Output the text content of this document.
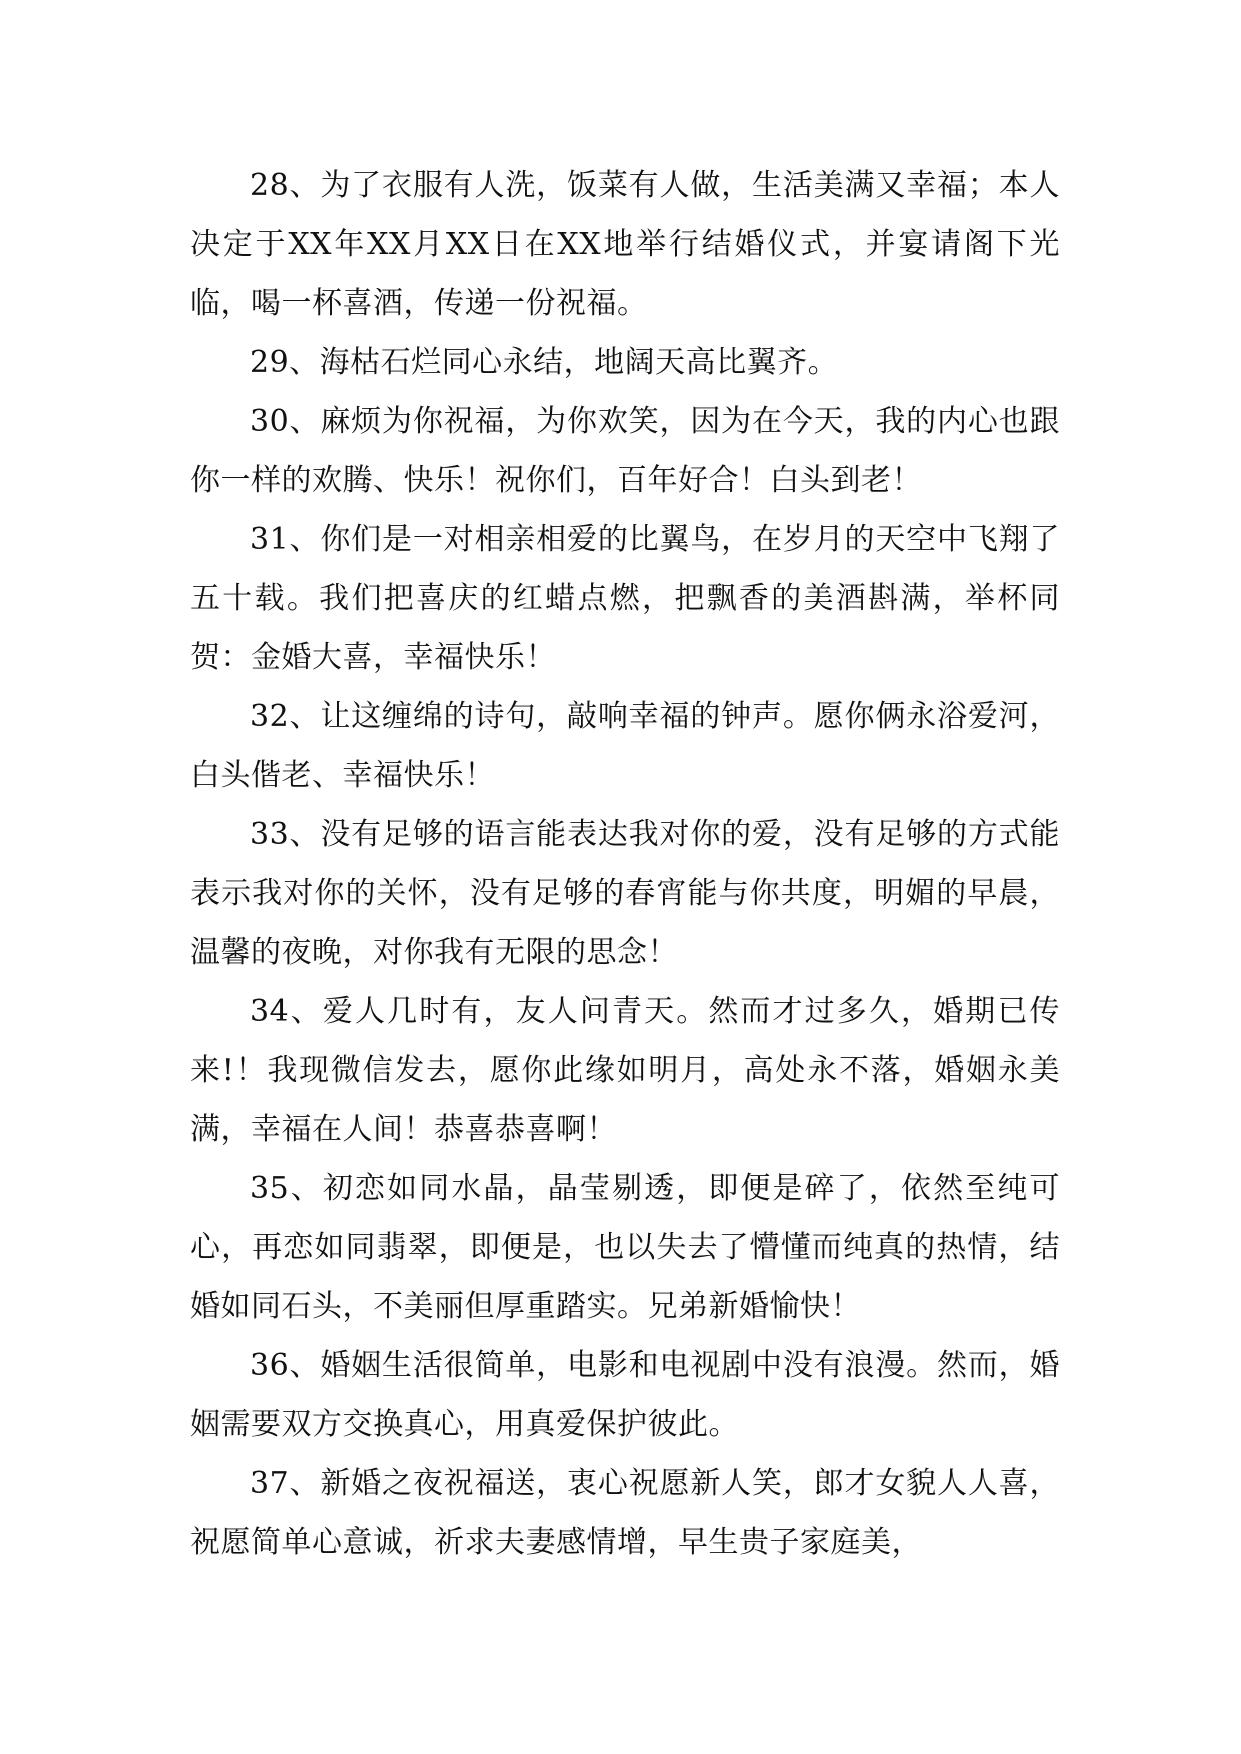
28、为了衣服有人洗，饭菜有人做，生活美满又幸福；本人决定于XX年XX月XX日在XX地举行结婚仪式，并宴请阁下光临，喝一杯喜酒，传递一份祝福。

29、海枯石烂同心永结，地阔天高比翼齐。

30、麻烦为你祝福，为你欢笑，因为在今天，我的内心也跟你一样的欢腾、快乐！祝你们，百年好合！白头到老！

31、你们是一对相亲相爱的比翼鸟，在岁月的天空中飞翔了五十载。我们把喜庆的红蜡点燃，把飘香的美酒斟满，举杯同贺：金婚大喜，幸福快乐！

32、让这缠绵的诗句，敲响幸福的钟声。愿你俩永浴爱河，白头偕老、幸福快乐！

33、没有足够的语言能表达我对你的爱，没有足够的方式能表示我对你的关怀，没有足够的春宵能与你共度，明媚的早晨，温馨的夜晚，对你我有无限的思念！

34、爱人几时有，友人问青天。然而才过多久，婚期已传来!！我现微信发去，愿你此缘如明月，高处永不落，婚姻永美满，幸福在人间！恭喜恭喜啊！

35、初恋如同水晶，晶莹剔透，即便是碎了，依然至纯可心，再恋如同翡翠，即便是，也以失去了懵懂而纯真的热情，结婚如同石头，不美丽但厚重踏实。兄弟新婚愉快！

36、婚姻生活很简单，电影和电视剧中没有浪漫。然而，婚姻需要双方交换真心，用真爱保护彼此。

37、新婚之夜祝福送，衷心祝愿新人笑，郎才女貌人人喜，祝愿简单心意诚，祈求夫妻感情增，早生贵子家庭美，
